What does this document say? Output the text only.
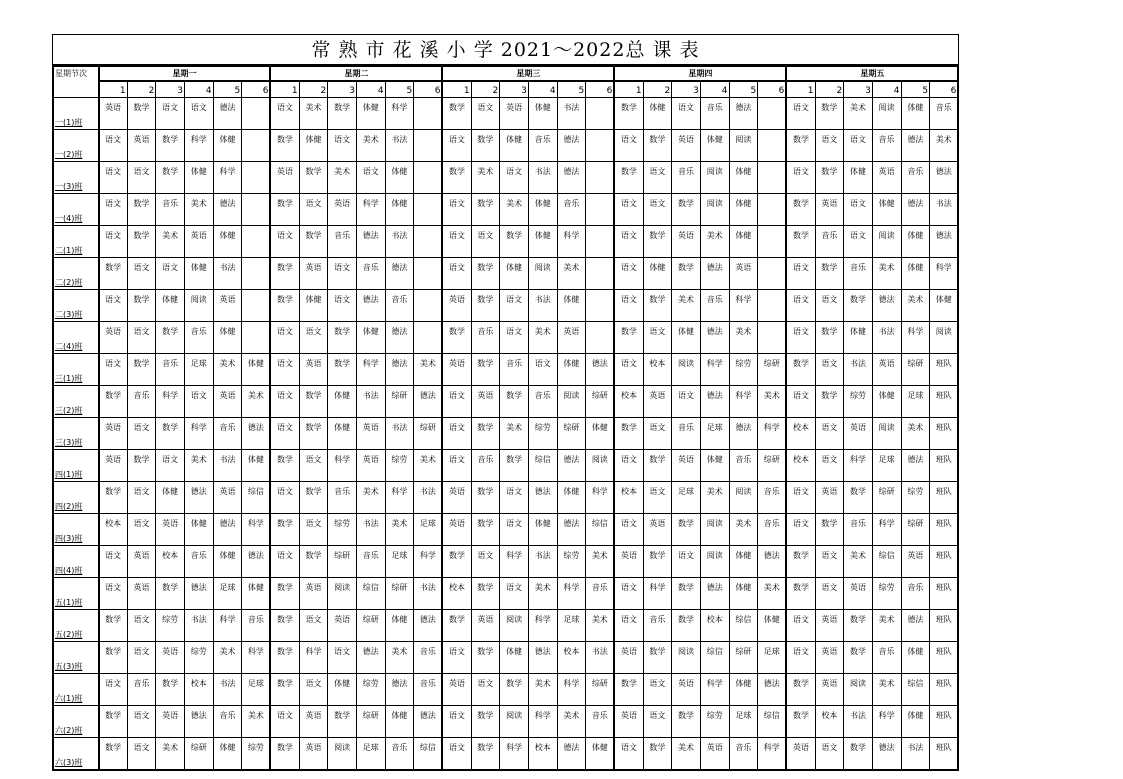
常 熟 市 花 溪 小 学 2021～2022总 课 表
星期节次	星期一						星期二						星期三						星期四						星期五					
	1	2	3	4	5	6	1	2	3	4	5	6	1	2	3	4	5	6	1	2	3	4	5	6	1	2	3	4	5	6
一(1)班	英语	数学	语文	语文	德法		语文	美术	数学	体健	科学		数学	语文	英语	体健	书法		数学	体健	语文	音乐	德法		语文	数学	美术	阅读	体健	音乐
一(2)班	语文	英语	数学	科学	体健		数学	体健	语文	美术	书法		语文	数学	体健	音乐	德法		语文	数学	英语	体健	阅读		数学	语文	语文	音乐	德法	美术
一(3)班	语文	语文	数学	体健	科学		英语	数学	美术	语文	体健		数学	美术	语文	书法	德法		数学	语文	音乐	阅读	体健		语文	数学	体健	英语	音乐	德法
一(4)班	语文	数学	音乐	美术	德法		数学	语文	英语	科学	体健		语文	数学	美术	体健	音乐		语文	语文	数学	阅读	体健		数学	英语	语文	体健	德法	书法
二(1)班	语文	数学	美术	英语	体健		语文	数学	音乐	德法	书法		语文	语文	数学	体健	科学		语文	数学	英语	美术	体健		数学	音乐	语文	阅读	体健	德法
二(2)班	数学	语文	语文	体健	书法		数学	英语	语文	音乐	德法		语文	数学	体健	阅读	美术		语文	体健	数学	德法	英语		语文	数学	音乐	美术	体健	科学
二(3)班	语文	数学	体健	阅读	英语		数学	体健	语文	德法	音乐		英语	数学	语文	书法	体健		语文	数学	美术	音乐	科学		语文	语文	数学	德法	美术	体健
二(4)班	英语	语文	数学	音乐	体健		语文	语文	数学	体健	德法		数学	音乐	语文	美术	英语		数学	语文	体健	德法	美术		语文	数学	体健	书法	科学	阅读
三(1)班	语文	数学	音乐	足球	美术	体健	语文	英语	数学	科学	德法	美术	英语	数学	音乐	语文	体健	德法	语文	校本	阅读	科学	综劳	综研	数学	语文	书法	英语	综研	班队
三(2)班	数学	音乐	科学	语文	英语	美术	语文	数学	体健	书法	综研	德法	语文	英语	数学	音乐	阅读	综研	校本	英语	语文	德法	科学	美术	语文	数学	综劳	体健	足球	班队
三(3)班	英语	语文	数学	科学	音乐	德法	语文	数学	体健	英语	书法	综研	语文	数学	美术	综劳	综研	体健	数学	语文	音乐	足球	德法	科学	校本	语文	英语	阅读	美术	班队
四(1)班	英语	数学	语文	美术	书法	体健	数学	语文	科学	英语	综劳	美术	语文	音乐	数学	综信	德法	阅读	语文	数学	英语	体健	音乐	综研	校本	语文	科学	足球	德法	班队
四(2)班	数学	语文	体健	德法	英语	综信	语文	数学	音乐	美术	科学	书法	英语	数学	语文	德法	体健	科学	校本	语文	足球	美术	阅读	音乐	语文	英语	数学	综研	综劳	班队
四(3)班	校本	语文	英语	体健	德法	科学	数学	语文	综劳	书法	美术	足球	英语	数学	语文	体健	德法	综信	语文	英语	数学	阅读	美术	音乐	语文	数学	音乐	科学	综研	班队
四(4)班	语文	英语	校本	音乐	体健	德法	语文	数学	综研	音乐	足球	科学	数学	语文	科学	书法	综劳	美术	英语	数学	语文	阅读	体健	德法	数学	语文	美术	综信	英语	班队
五(1)班	语文	英语	数学	德法	足球	体健	数学	英语	阅读	综信	综研	书法	校本	数学	语文	美术	科学	音乐	语文	科学	数学	德法	体健	美术	数学	语文	英语	综劳	音乐	班队
五(2)班	数学	语文	综劳	书法	科学	音乐	数学	语文	英语	综研	体健	德法	数学	英语	阅读	科学	足球	美术	语文	音乐	数学	校本	综信	体健	语文	英语	数学	美术	德法	班队
五(3)班	数学	语文	英语	综劳	美术	科学	数学	科学	语文	德法	美术	音乐	语文	数学	体健	德法	校本	书法	英语	数学	阅读	综信	综研	足球	语文	英语	数学	音乐	体健	班队
六(1)班	语文	音乐	数学	校本	书法	足球	数学	语文	体健	综劳	德法	音乐	英语	语文	数学	美术	科学	综研	数学	语文	英语	科学	体健	德法	数学	英语	阅读	美术	综信	班队
六(2)班	数学	语文	英语	德法	音乐	美术	语文	英语	数学	综研	体健	德法	语文	数学	阅读	科学	美术	音乐	英语	语文	数学	综劳	足球	综信	数学	校本	书法	科学	体健	班队
六(3)班	数学	语文	美术	综研	体健	综劳	数学	英语	阅读	足球	音乐	综信	语文	数学	科学	校本	德法	体健	语文	数学	美术	英语	音乐	科学	英语	语文	数学	德法	书法	班队
